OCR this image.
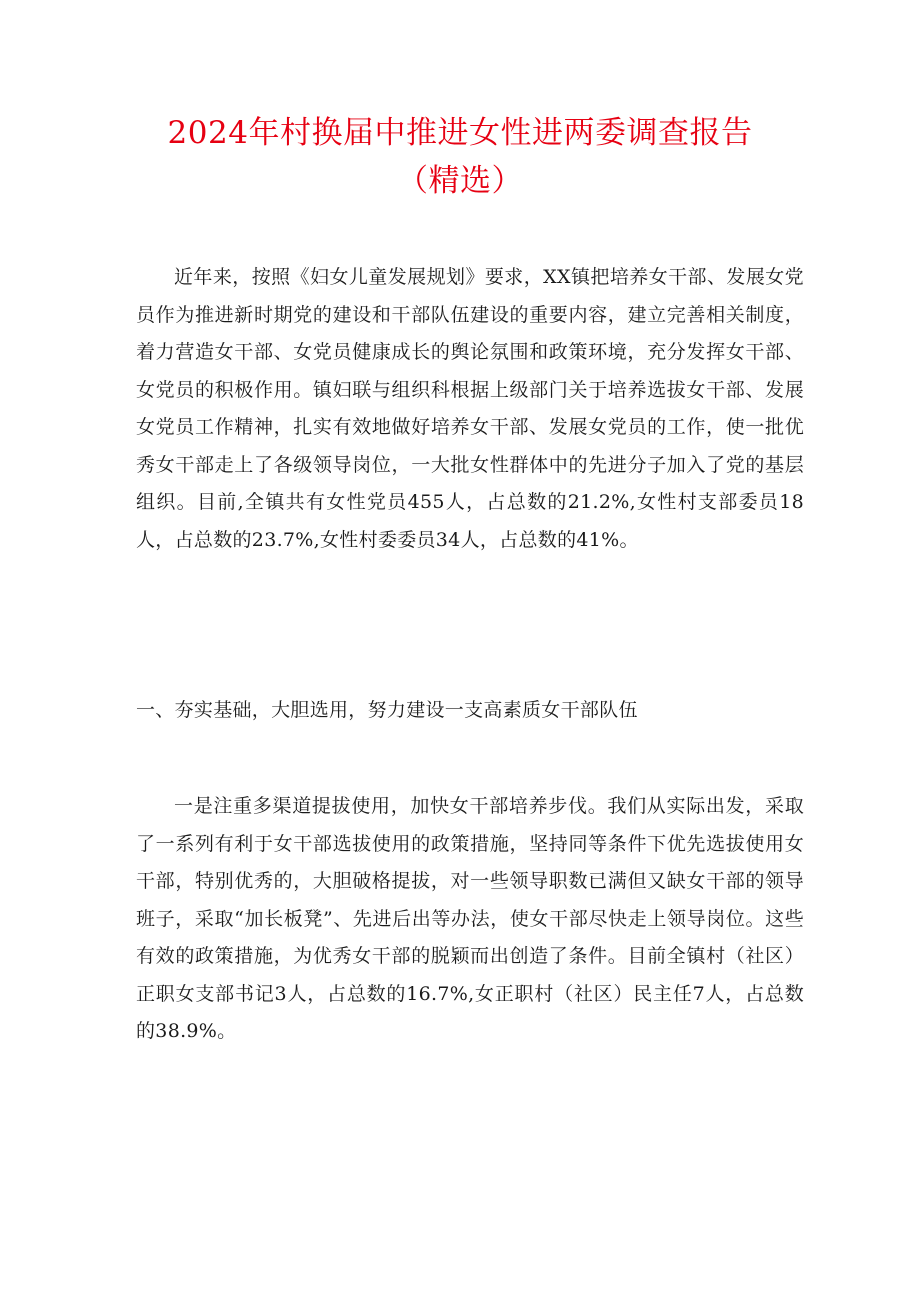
2024年村换届中推进女性进两委调查报告
（精选）

近年来，按照《妇女儿童发展规划》要求，XX镇把培养女干部、发展女党员作为推进新时期党的建设和干部队伍建设的重要内容，建立完善相关制度，着力营造女干部、女党员健康成长的舆论氛围和政策环境，充分发挥女干部、女党员的积极作用。镇妇联与组织科根据上级部门关于培养选拔女干部、发展女党员工作精神，扎实有效地做好培养女干部、发展女党员的工作，使一批优秀女干部走上了各级领导岗位，一大批女性群体中的先进分子加入了党的基层组织。目前,全镇共有女性党员455人，占总数的21.2%,女性村支部委员18人，占总数的23.7%,女性村委委员34人，占总数的41%。

一、夯实基础，大胆选用，努力建设一支高素质女干部队伍

一是注重多渠道提拔使用，加快女干部培养步伐。我们从实际出发，采取了一系列有利于女干部选拔使用的政策措施，坚持同等条件下优先选拔使用女干部，特别优秀的，大胆破格提拔，对一些领导职数已满但又缺女干部的领导班子，采取“加长板凳”、先进后出等办法，使女干部尽快走上领导岗位。这些有效的政策措施，为优秀女干部的脱颖而出创造了条件。目前全镇村（社区）正职女支部书记3人，占总数的16.7%,女正职村（社区）民主任7人，占总数的38.9%。
